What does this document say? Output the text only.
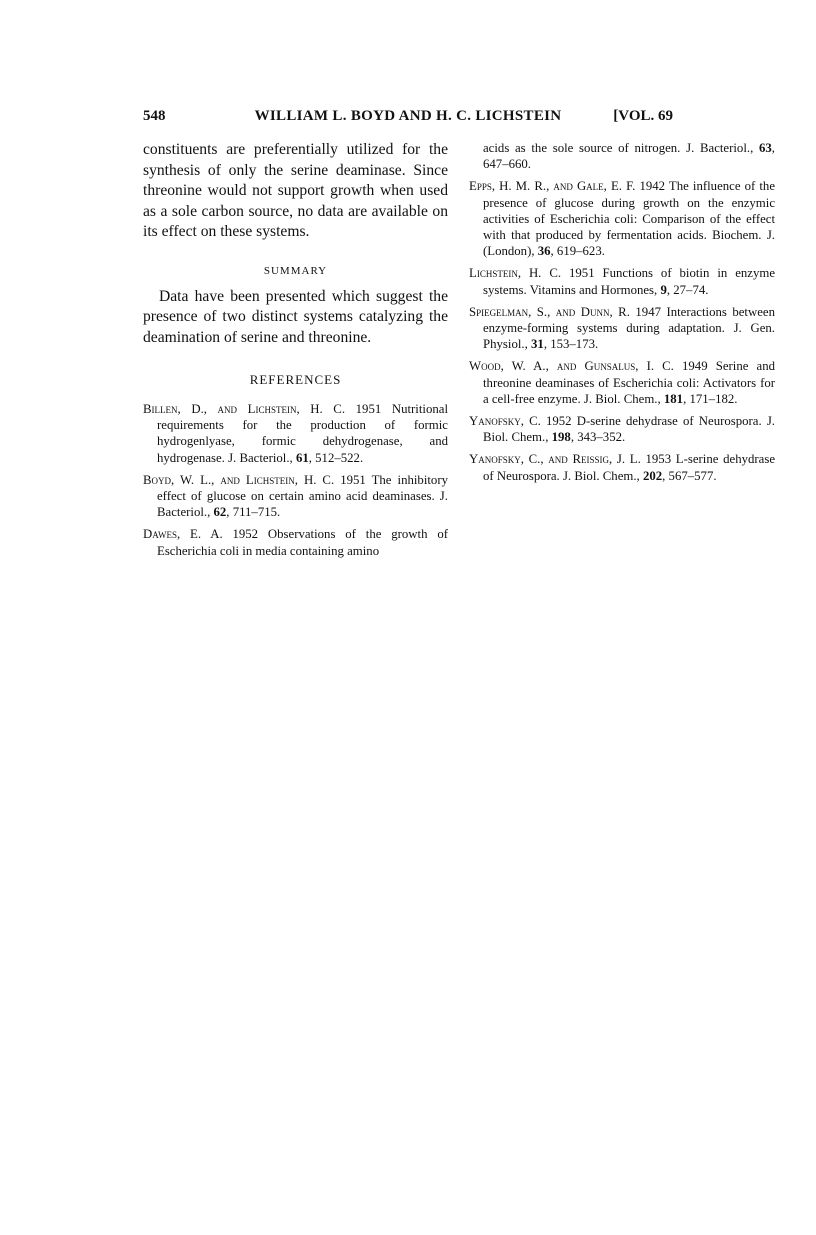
548	WILLIAM L. BOYD AND H. C. LICHSTEIN	[VOL. 69

constituents are preferentially utilized for the synthesis of only the serine deaminase. Since threonine would not support growth when used as a sole carbon source, no data are available on its effect on these systems.

SUMMARY

Data have been presented which suggest the presence of two distinct systems catalyzing the deamination of serine and threonine.

REFERENCES
Billen, D., and Lichstein, H. C. 1951 Nutritional requirements for the production of formic hydrogenlyase, formic dehydrogenase, and hydrogenase. J. Bacteriol., 61, 512–522.
Boyd, W. L., and Lichstein, H. C. 1951 The inhibitory effect of glucose on certain amino acid deaminases. J. Bacteriol., 62, 711–715.
Dawes, E. A. 1952 Observations of the growth of Escherichia coli in media containing amino
acids as the sole source of nitrogen. J. Bacteriol., 63, 647–660.
Epps, H. M. R., and Gale, E. F. 1942 The influence of the presence of glucose during growth on the enzymic activities of Escherichia coli: Comparison of the effect with that produced by fermentation acids. Biochem. J. (London), 36, 619–623.
Lichstein, H. C. 1951 Functions of biotin in enzyme systems. Vitamins and Hormones, 9, 27–74.
Spiegelman, S., and Dunn, R. 1947 Interactions between enzyme-forming systems during adaptation. J. Gen. Physiol., 31, 153–173.
Wood, W. A., and Gunsalus, I. C. 1949 Serine and threonine deaminases of Escherichia coli: Activators for a cell-free enzyme. J. Biol. Chem., 181, 171–182.
Yanofsky, C. 1952 D-serine dehydrase of Neurospora. J. Biol. Chem., 198, 343–352.
Yanofsky, C., and Reissig, J. L. 1953 L-serine dehydrase of Neurospora. J. Biol. Chem., 202, 567–577.
